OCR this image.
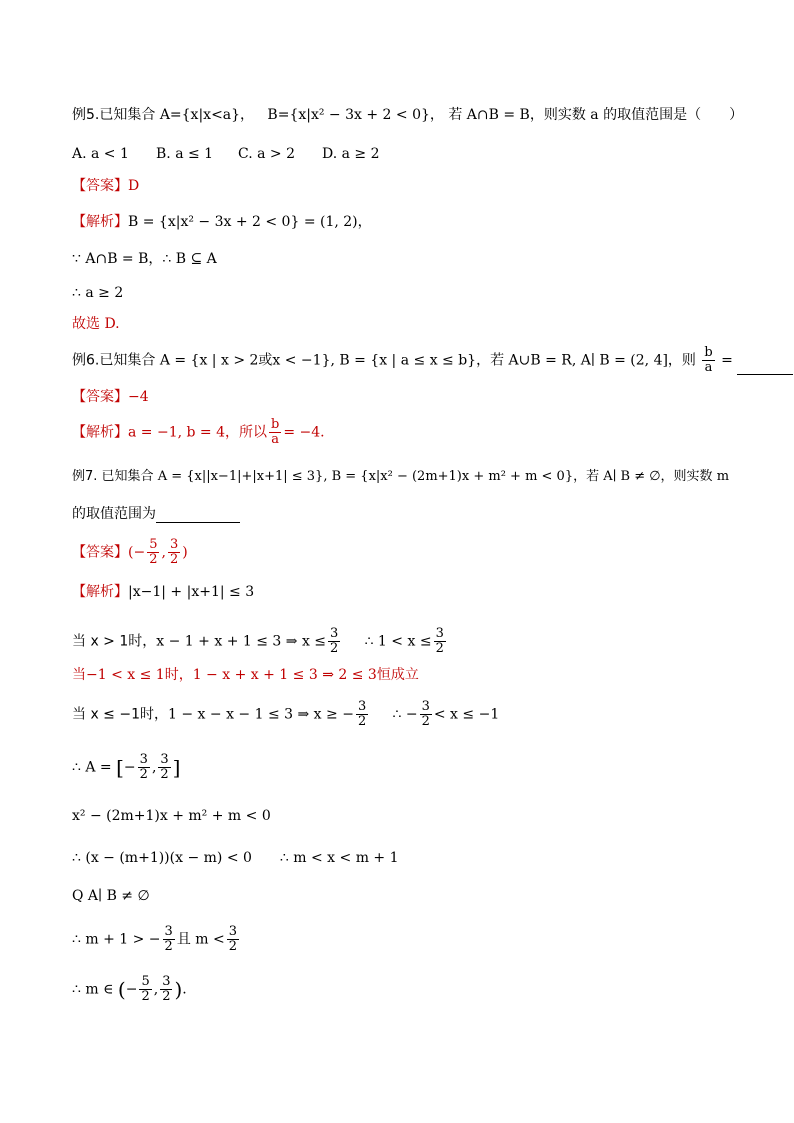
例5.已知集合 A={x|x<a}， B={x|x² − 3x + 2 < 0}， 若 A∩B = B，则实数 a 的取值范围是（　　）
A. a < 1 B. a ≤ 1 C. a > 2 D. a ≥ 2
【答案】D
【解析】B = {x|x² − 3x + 2 < 0} = (1, 2)，
∵ A∩B = B，∴ B ⊆ A
∴ a ≥ 2
故选 D.
例6.已知集合 A = {x | x > 2或x < −1}, B = {x | a ≤ x ≤ b}，若 A∪B = R, A∣ B = (2, 4]，则 $\frac{b}{a}$ =
【答案】−4
【解析】a = −1, b = 4，所以 $\frac{b}{a} = -4$.
例7. 已知集合 A = {x||x−1|+|x+1| ≤ 3}, B = {x|x² − (2m+1)x + m² + m < 0}，若 A∣ B ≠ ∅，则实数 m
的取值范围为
【答案】(− $\frac{5}{2}$ , $\frac{3}{2}$ )
【解析】|x−1| + |x+1| ≤ 3
当 x > 1时，x − 1 + x + 1 ≤ 3 ⇒ $x \le \frac{3}{2}$ ∴ $1 < x \le \frac{3}{2}$
当−1 < x ≤ 1时，1 − x + x + 1 ≤ 3 ⇒ 2 ≤ 3恒成立
当 x ≤ −1时，1 − x − x − 1 ≤ 3 ⇒ x ≥ − $\frac{3}{2}$ ∴ − $\frac{3}{2} < x \le -1$
∴ A = [− $\frac{3}{2}$ , $\frac{3}{2}$ ]
x² − (2m+1)x + m² + m < 0
∴ (x − (m+1))(x − m) < 0　　∴ m < x < m + 1
Q A∣ B ≠ ∅
∴ m + 1 > − $\frac{3}{2}$ 且 $m < \frac{3}{2}$
∴ m ∈ (− $\frac{5}{2}$ , $\frac{3}{2}$ ).
